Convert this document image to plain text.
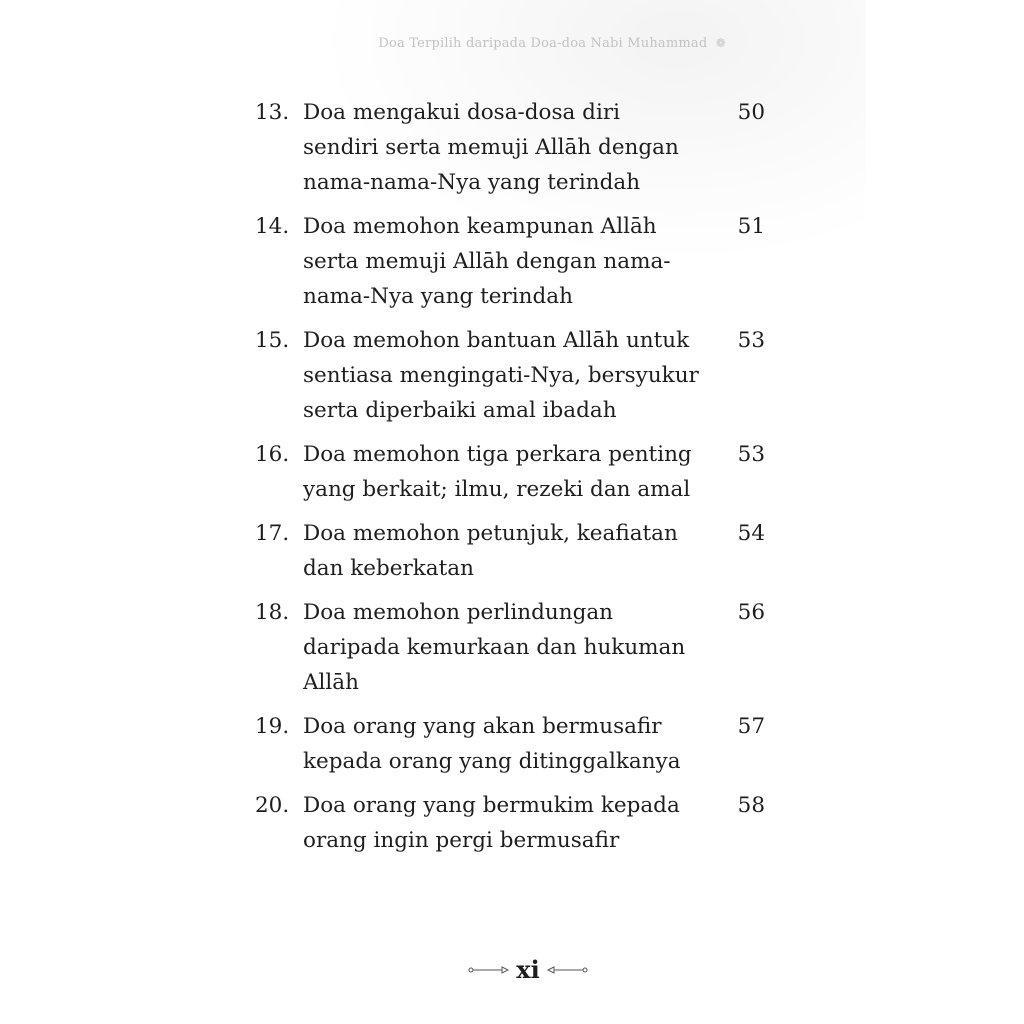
Doa Terpilih daripada Doa-doa Nabi Muhammad ❁
13. Doa mengakui dosa-dosa diri
sendiri serta memuji Allāh dengan
nama-nama-Nya yang terindah
50
14. Doa memohon keampunan Allāh
serta memuji Allāh dengan nama-
nama-Nya yang terindah
51
15. Doa memohon bantuan Allāh untuk
sentiasa mengingati-Nya, bersyukur
serta diperbaiki amal ibadah
53
16. Doa memohon tiga perkara penting
yang berkait; ilmu, rezeki dan amal
53
17. Doa memohon petunjuk, keafiatan
dan keberkatan
54
18. Doa memohon perlindungan
daripada kemurkaan dan hukuman
Allāh
56
19. Doa orang yang akan bermusafir
kepada orang yang ditinggalkanya
57
20. Doa orang yang bermukim kepada
orang ingin pergi bermusafir
58
xi
